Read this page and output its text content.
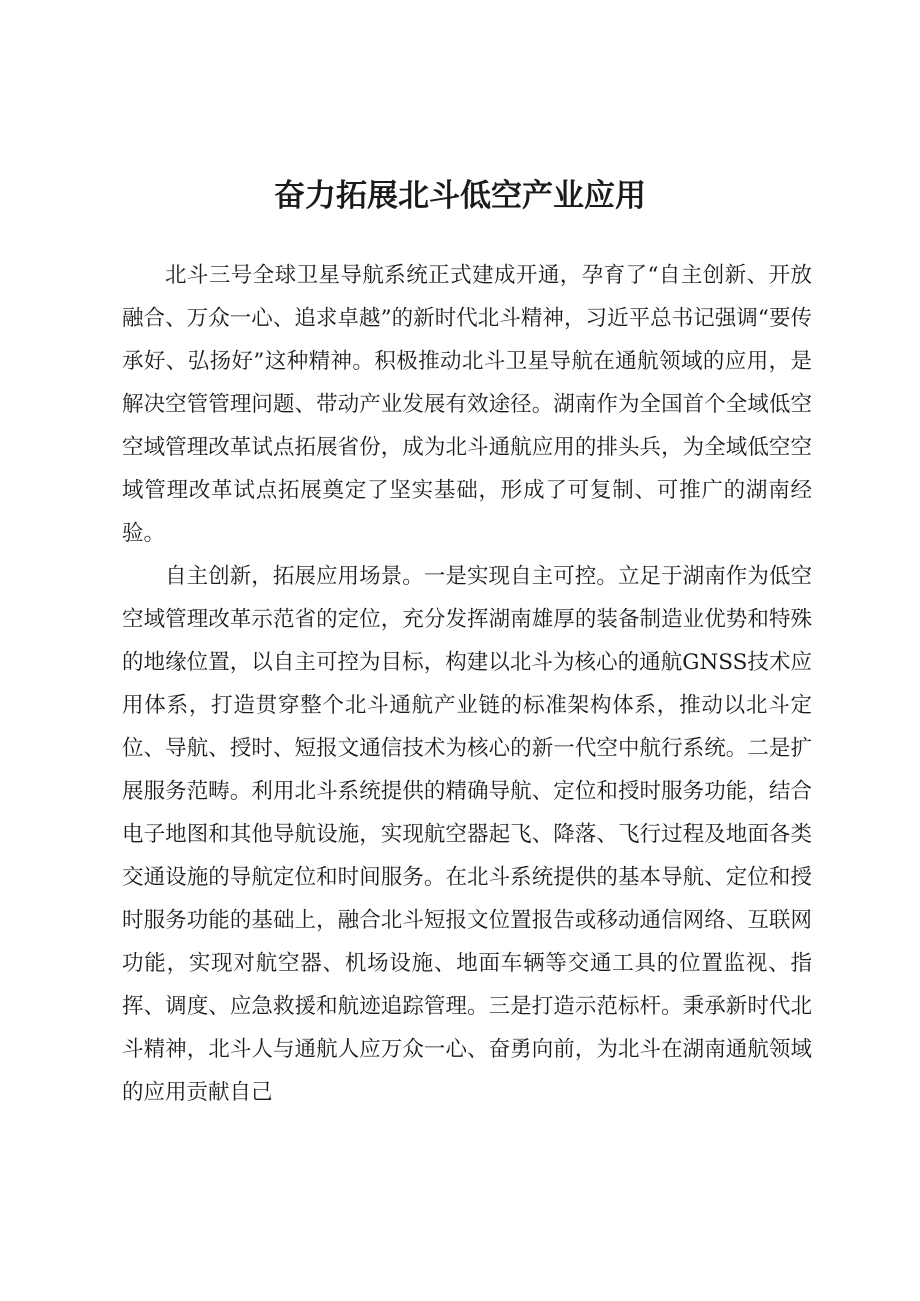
奋力拓展北斗低空产业应用

北斗三号全球卫星导航系统正式建成开通，孕育了“自主创新、开放融合、万众一心、追求卓越”的新时代北斗精神，习近平总书记强调“要传承好、弘扬好”这种精神。积极推动北斗卫星导航在通航领域的应用，是解决空管管理问题、带动产业发展有效途径。湖南作为全国首个全域低空空域管理改革试点拓展省份，成为北斗通航应用的排头兵，为全域低空空域管理改革试点拓展奠定了坚实基础，形成了可复制、可推广的湖南经验。

自主创新，拓展应用场景。一是实现自主可控。立足于湖南作为低空空域管理改革示范省的定位，充分发挥湖南雄厚的装备制造业优势和特殊的地缘位置，以自主可控为目标，构建以北斗为核心的通航GNSS技术应用体系，打造贯穿整个北斗通航产业链的标准架构体系，推动以北斗定位、导航、授时、短报文通信技术为核心的新一代空中航行系统。二是扩展服务范畴。利用北斗系统提供的精确导航、定位和授时服务功能，结合电子地图和其他导航设施，实现航空器起飞、降落、飞行过程及地面各类交通设施的导航定位和时间服务。在北斗系统提供的基本导航、定位和授时服务功能的基础上，融合北斗短报文位置报告或移动通信网络、互联网功能，实现对航空器、机场设施、地面车辆等交通工具的位置监视、指挥、调度、应急救援和航迹追踪管理。三是打造示范标杆。秉承新时代北斗精神，北斗人与通航人应万众一心、奋勇向前，为北斗在湖南通航领域的应用贡献自己
